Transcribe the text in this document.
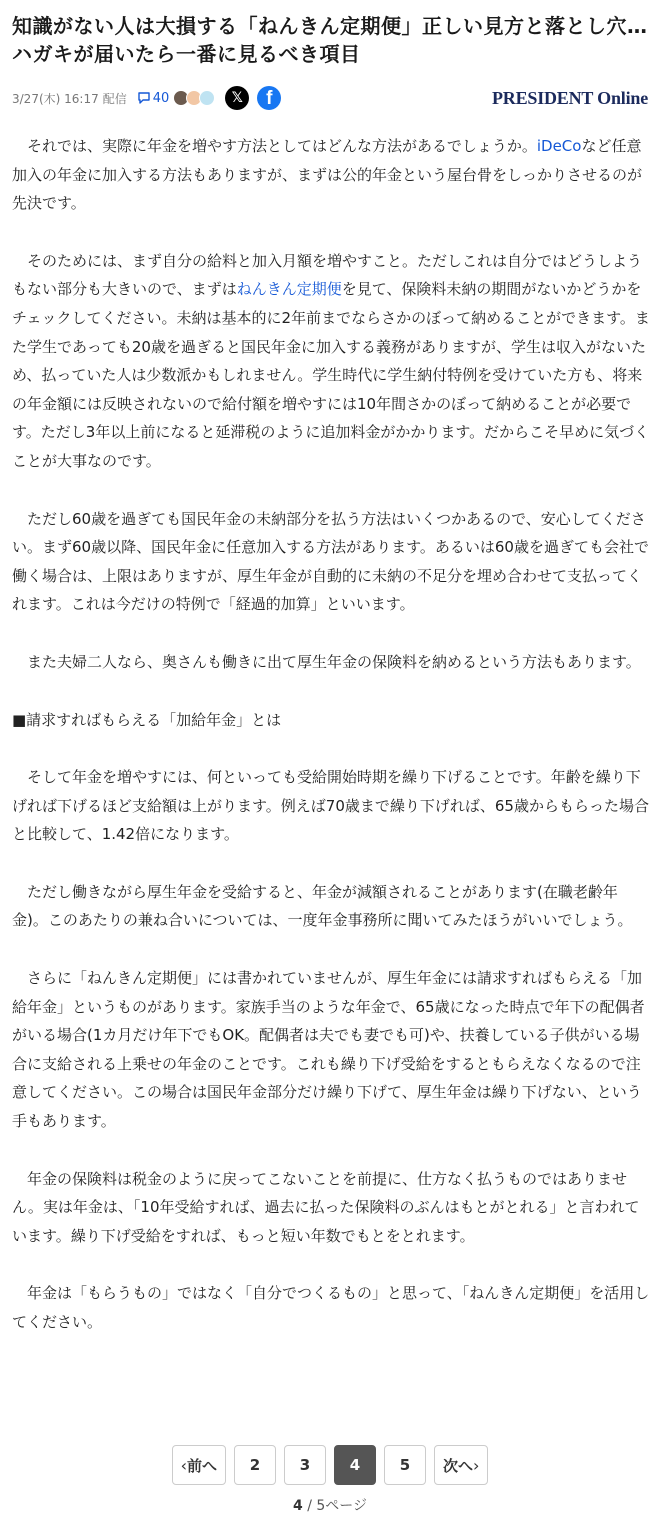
知識がない人は大損する「ねんきん定期便」正しい見方と落とし穴…ハガキが届いたら一番に見るべき項目
3/27(木) 16:17 配信 40	𝕏 f	PRESIDENT Online

それでは、実際に年金を増やす方法としてはどんな方法があるでしょうか。iDeCoなど任意加入の年金に加入する方法もありますが、まずは公的年金という屋台骨をしっかりさせるのが先決です。

そのためには、まず自分の給料と加入月額を増やすこと。ただしこれは自分ではどうしようもない部分も大きいので、まずはねんきん定期便を見て、保険料未納の期間がないかどうかをチェックしてください。未納は基本的に2年前までならさかのぼって納めることができます。また学生であっても20歳を過ぎると国民年金に加入する義務がありますが、学生は収入がないため、払っていた人は少数派かもしれません。学生時代に学生納付特例を受けていた方も、将来の年金額には反映されないので給付額を増やすには10年間さかのぼって納めることが必要です。ただし3年以上前になると延滞税のように追加料金がかかります。だからこそ早めに気づくことが大事なのです。

ただし60歳を過ぎても国民年金の未納部分を払う方法はいくつかあるので、安心してください。まず60歳以降、国民年金に任意加入する方法があります。あるいは60歳を過ぎても会社で働く場合は、上限はありますが、厚生年金が自動的に未納の不足分を埋め合わせて支払ってくれます。これは今だけの特例で「経過的加算」といいます。

また夫婦二人なら、奥さんも働きに出て厚生年金の保険料を納めるという方法もあります。

■請求すればもらえる「加給年金」とは

そして年金を増やすには、何といっても受給開始時期を繰り下げることです。年齢を繰り下げれば下げるほど支給額は上がります。例えば70歳まで繰り下げれば、65歳からもらった場合と比較して、1.42倍になります。

ただし働きながら厚生年金を受給すると、年金が減額されることがあります(在職老齢年金)。このあたりの兼ね合いについては、一度年金事務所に聞いてみたほうがいいでしょう。

さらに「ねんきん定期便」には書かれていませんが、厚生年金には請求すればもらえる「加給年金」というものがあります。家族手当のような年金で、65歳になった時点で年下の配偶者がいる場合(1カ月だけ年下でもOK。配偶者は夫でも妻でも可)や、扶養している子供がいる場合に支給される上乗せの年金のことです。これも繰り下げ受給をするともらえなくなるので注意してください。この場合は国民年金部分だけ繰り下げて、厚生年金は繰り下げない、という手もあります。

年金の保険料は税金のように戻ってこないことを前提に、仕方なく払うものではありません。実は年金は、「10年受給すれば、過去に払った保険料のぶんはもとがとれる」と言われています。繰り下げ受給をすれば、もっと短い年数でもとをとれます。

年金は「もらうもの」ではなく「自分でつくるもの」と思って、「ねんきん定期便」を活用してください。

‹ 前へ	2	3	4	5	次へ ›
4 / 5ページ
